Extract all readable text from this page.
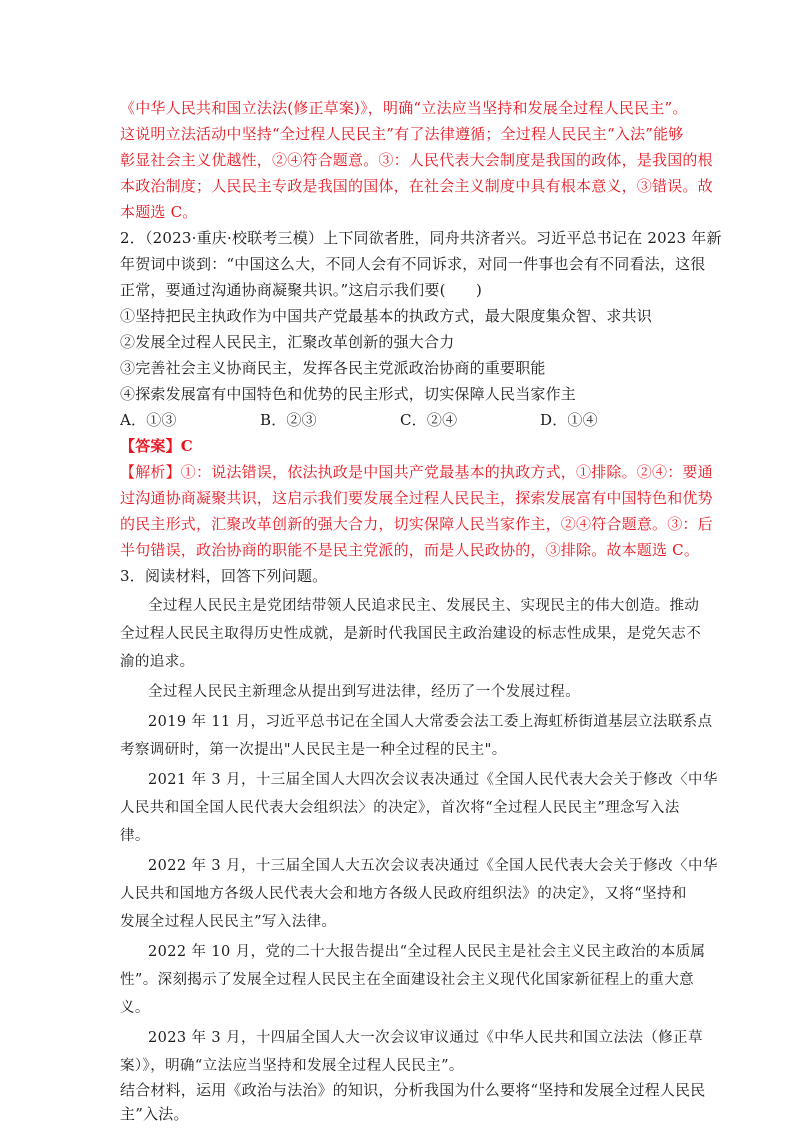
《中华人民共和国立法法(修正草案)》，明确“立法应当坚持和发展全过程人民民主”。
这说明立法活动中坚持“全过程人民民主”有了法律遵循；全过程人民民主“入法”能够
彰显社会主义优越性，②④符合题意。③：人民代表大会制度是我国的政体，是我国的根
本政治制度；人民民主专政是我国的国体，在社会主义制度中具有根本意义，③错误。故
本题选 C。
2．（2023·重庆·校联考三模）上下同欲者胜，同舟共济者兴。习近平总书记在 2023 年新
年贺词中谈到：“中国这么大，不同人会有不同诉求，对同一件事也会有不同看法，这很
正常，要通过沟通协商凝聚共识。”这启示我们要(　　)
①坚持把民主执政作为中国共产党最基本的执政方式，最大限度集众智、求共识
②发展全过程人民民主，汇聚改革创新的强大合力
③完善社会主义协商民主，发挥各民主党派政治协商的重要职能
④探索发展富有中国特色和优势的民主形式，切实保障人民当家作主
A．①③	B．②③	C．②④	D．①④
【答案】C
【解析】①：说法错误，依法执政是中国共产党最基本的执政方式，①排除。②④：要通
过沟通协商凝聚共识，这启示我们要发展全过程人民民主，探索发展富有中国特色和优势
的民主形式，汇聚改革创新的强大合力，切实保障人民当家作主，②④符合题意。③：后
半句错误，政治协商的职能不是民主党派的，而是人民政协的，③排除。故本题选 C。
3．阅读材料，回答下列问题。
全过程人民民主是党团结带领人民追求民主、发展民主、实现民主的伟大创造。推动
全过程人民民主取得历史性成就，是新时代我国民主政治建设的标志性成果，是党矢志不
渝的追求。
全过程人民民主新理念从提出到写进法律，经历了一个发展过程。
2019 年 11 月，习近平总书记在全国人大常委会法工委上海虹桥街道基层立法联系点
考察调研时，第一次提出"人民民主是一种全过程的民主"。
2021 年 3 月，十三届全国人大四次会议表决通过《全国人民代表大会关于修改〈中华
人民共和国全国人民代表大会组织法〉的决定》，首次将“全过程人民民主”理念写入法
律。
2022 年 3 月，十三届全国人大五次会议表决通过《全国人民代表大会关于修改〈中华
人民共和国地方各级人民代表大会和地方各级人民政府组织法》的决定》，又将“坚持和
发展全过程人民民主”写入法律。
2022 年 10 月，党的二十大报告提出“全过程人民民主是社会主义民主政治的本质属
性”。深刻揭示了发展全过程人民民主在全面建设社会主义现代化国家新征程上的重大意
义。
2023 年 3 月，十四届全国人大一次会议审议通过《中华人民共和国立法法（修正草
案）》，明确“立法应当坚持和发展全过程人民民主”。
结合材料，运用《政治与法治》的知识，分析我国为什么要将“坚持和发展全过程人民民
主”入法。
